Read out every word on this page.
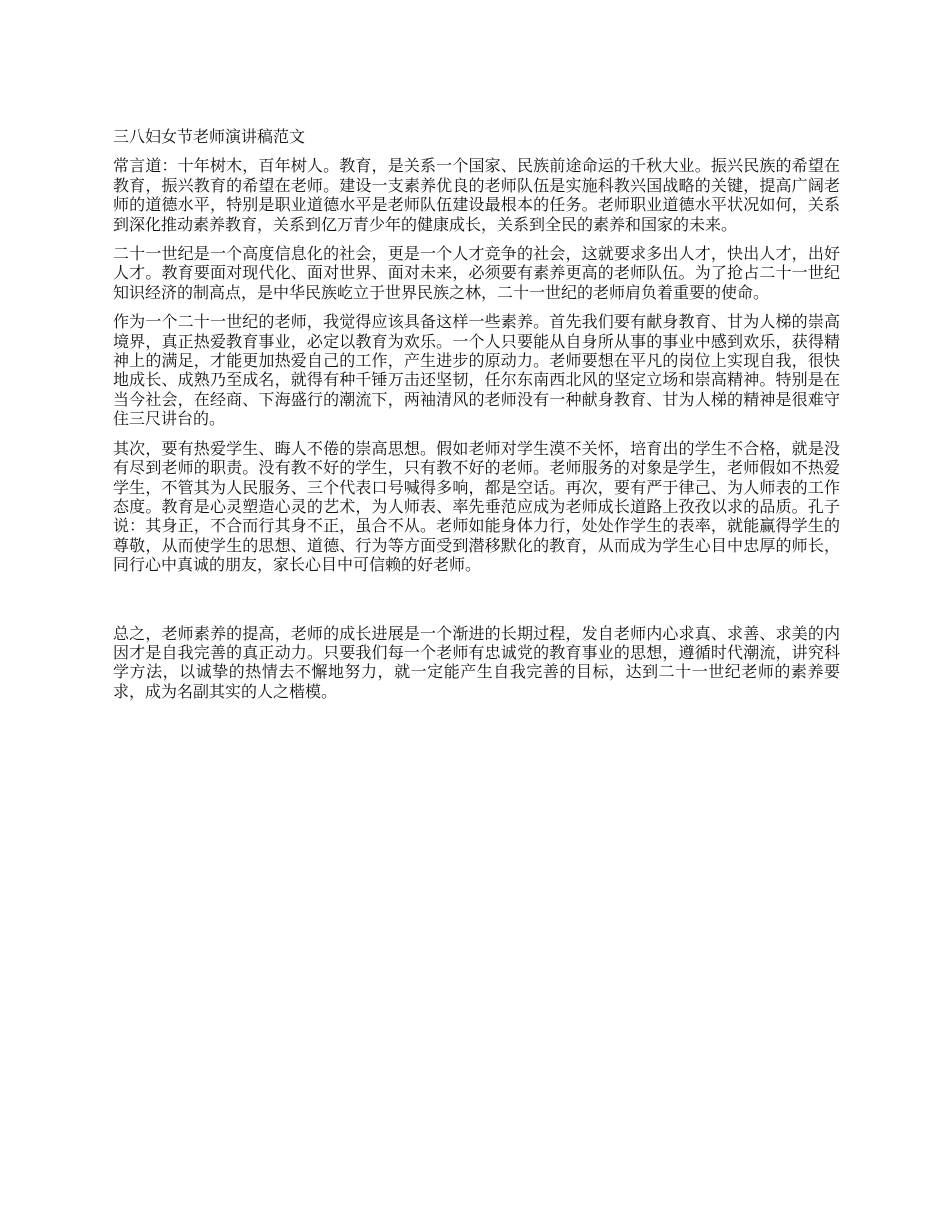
三八妇女节老师演讲稿范文

常言道：十年树木，百年树人。教育，是关系一个国家、民族前途命运的千秋大业。振兴民族的希望在教育，振兴教育的希望在老师。建设一支素养优良的老师队伍是实施科教兴国战略的关键，提高广阔老师的道德水平，特别是职业道德水平是老师队伍建设最根本的任务。老师职业道德水平状况如何，关系到深化推动素养教育，关系到亿万青少年的健康成长，关系到全民的素养和国家的未来。

二十一世纪是一个高度信息化的社会，更是一个人才竞争的社会，这就要求多出人才，快出人才，出好人才。教育要面对现代化、面对世界、面对未来，必须要有素养更高的老师队伍。为了抢占二十一世纪知识经济的制高点，是中华民族屹立于世界民族之林，二十一世纪的老师肩负着重要的使命。

作为一个二十一世纪的老师，我觉得应该具备这样一些素养。首先我们要有献身教育、甘为人梯的崇高境界，真正热爱教育事业，必定以教育为欢乐。一个人只要能从自身所从事的事业中感到欢乐，获得精神上的满足，才能更加热爱自己的工作，产生进步的原动力。老师要想在平凡的岗位上实现自我，很快地成长、成熟乃至成名，就得有种千锤万击还坚韧，任尔东南西北风的坚定立场和崇高精神。特别是在当今社会，在经商、下海盛行的潮流下，两袖清风的老师没有一种献身教育、甘为人梯的精神是很难守住三尺讲台的。

其次，要有热爱学生、晦人不倦的崇高思想。假如老师对学生漠不关怀，培育出的学生不合格，就是没有尽到老师的职责。没有教不好的学生，只有教不好的老师。老师服务的对象是学生，老师假如不热爱学生，不管其为人民服务、三个代表口号喊得多响，都是空话。再次，要有严于律己、为人师表的工作态度。教育是心灵塑造心灵的艺术，为人师表、率先垂范应成为老师成长道路上孜孜以求的品质。孔子说：其身正，不合而行其身不正，虽合不从。老师如能身体力行，处处作学生的表率，就能赢得学生的尊敬，从而使学生的思想、道德、行为等方面受到潜移默化的教育，从而成为学生心目中忠厚的师长，同行心中真诚的朋友，家长心目中可信赖的好老师。

总之，老师素养的提高，老师的成长进展是一个渐进的长期过程，发自老师内心求真、求善、求美的内因才是自我完善的真正动力。只要我们每一个老师有忠诚党的教育事业的思想，遵循时代潮流，讲究科学方法，以诚挚的热情去不懈地努力，就一定能产生自我完善的目标，达到二十一世纪老师的素养要求，成为名副其实的人之楷模。
